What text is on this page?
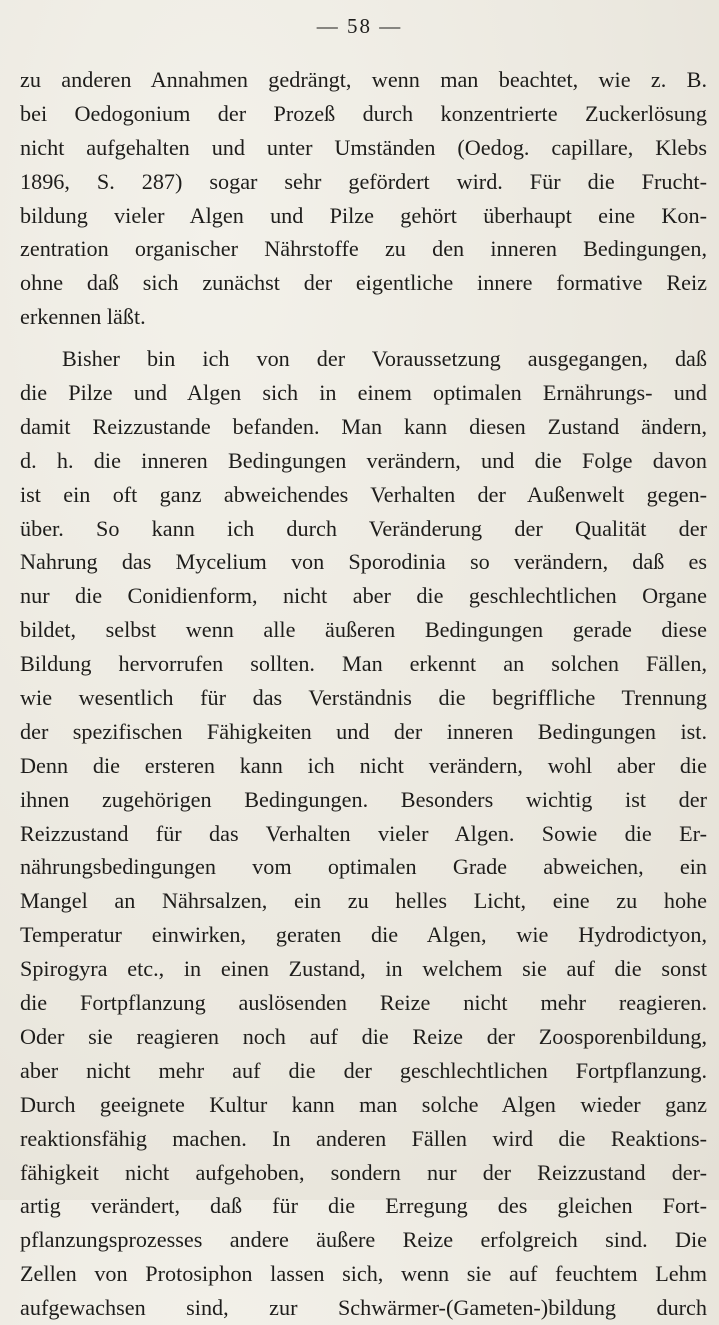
— 58 —
zu anderen Annahmen gedrängt, wenn man beachtet, wie z. B.
bei Oedogonium der Prozeß durch konzentrierte Zuckerlösung
nicht aufgehalten und unter Umständen (Oedog. capillare, Klebs
1896, S. 287) sogar sehr gefördert wird. Für die Frucht-
bildung vieler Algen und Pilze gehört überhaupt eine Kon-
zentration organischer Nährstoffe zu den inneren Bedingungen,
ohne daß sich zunächst der eigentliche innere formative Reiz
erkennen läßt.
Bisher bin ich von der Voraussetzung ausgegangen, daß
die Pilze und Algen sich in einem optimalen Ernährungs- und
damit Reizzustande befanden. Man kann diesen Zustand ändern,
d. h. die inneren Bedingungen verändern, und die Folge davon
ist ein oft ganz abweichendes Verhalten der Außenwelt gegen-
über. So kann ich durch Veränderung der Qualität der
Nahrung das Mycelium von Sporodinia so verändern, daß es
nur die Conidienform, nicht aber die geschlechtlichen Organe
bildet, selbst wenn alle äußeren Bedingungen gerade diese
Bildung hervorrufen sollten. Man erkennt an solchen Fällen,
wie wesentlich für das Verständnis die begriffliche Trennung
der spezifischen Fähigkeiten und der inneren Bedingungen ist.
Denn die ersteren kann ich nicht verändern, wohl aber die
ihnen zugehörigen Bedingungen. Besonders wichtig ist der
Reizzustand für das Verhalten vieler Algen. Sowie die Er-
nährungsbedingungen vom optimalen Grade abweichen, ein
Mangel an Nährsalzen, ein zu helles Licht, eine zu hohe
Temperatur einwirken, geraten die Algen, wie Hydrodictyon,
Spirogyra etc., in einen Zustand, in welchem sie auf die sonst
die Fortpflanzung auslösenden Reize nicht mehr reagieren.
Oder sie reagieren noch auf die Reize der Zoosporenbildung,
aber nicht mehr auf die der geschlechtlichen Fortpflanzung.
Durch geeignete Kultur kann man solche Algen wieder ganz
reaktionsfähig machen. In anderen Fällen wird die Reaktions-
fähigkeit nicht aufgehoben, sondern nur der Reizzustand der-
artig verändert, daß für die Erregung des gleichen Fort-
pflanzungsprozesses andere äußere Reize erfolgreich sind. Die
Zellen von Protosiphon lassen sich, wenn sie auf feuchtem Lehm
aufgewachsen sind, zur Schwärmer-(Gameten-)bildung durch
